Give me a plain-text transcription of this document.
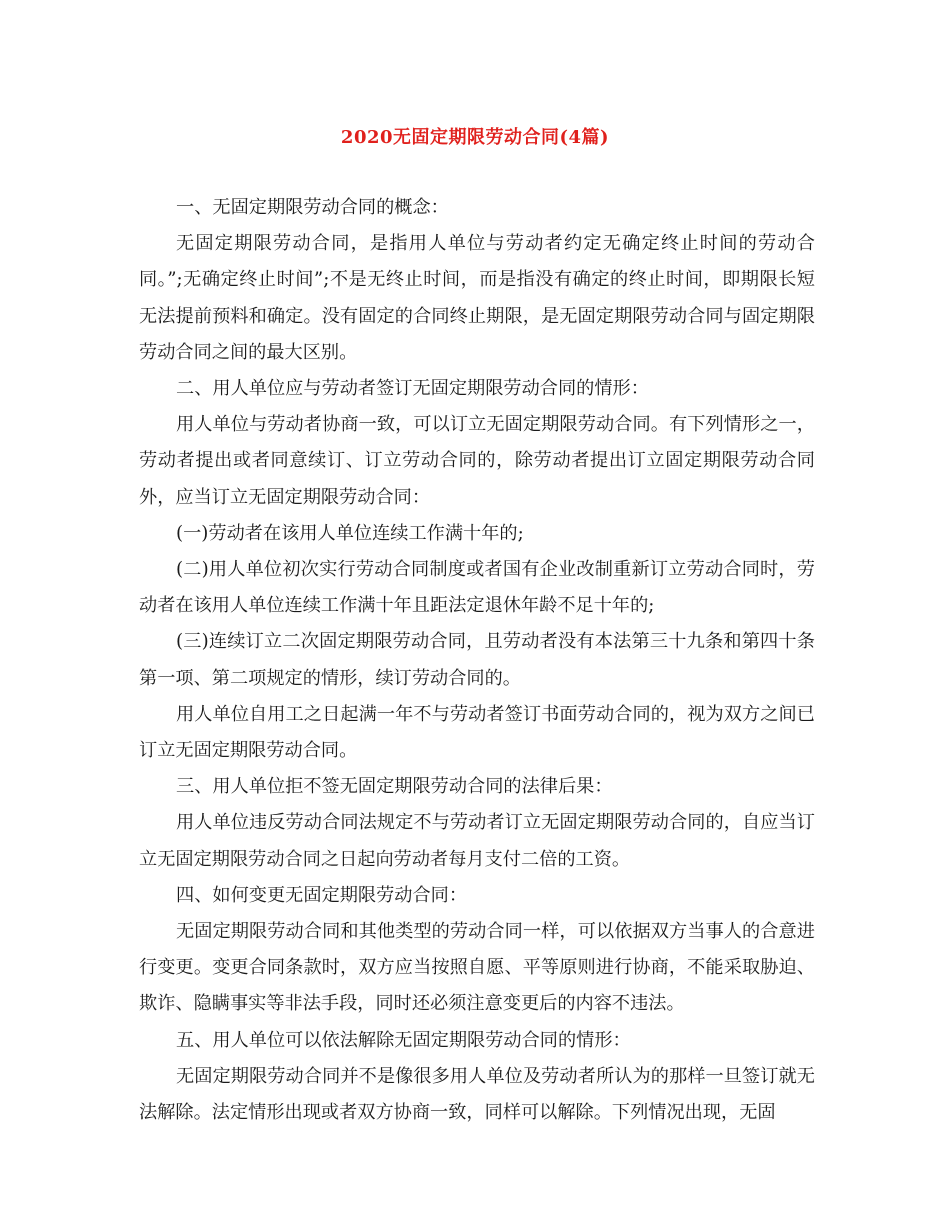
2020无固定期限劳动合同(4篇)

一、无固定期限劳动合同的概念：

无固定期限劳动合同，是指用人单位与劳动者约定无确定终止时间的劳动合同。”;无确定终止时间”;不是无终止时间，而是指没有确定的终止时间，即期限长短无法提前预料和确定。没有固定的合同终止期限，是无固定期限劳动合同与固定期限劳动合同之间的最大区别。

二、用人单位应与劳动者签订无固定期限劳动合同的情形：

用人单位与劳动者协商一致，可以订立无固定期限劳动合同。有下列情形之一，劳动者提出或者同意续订、订立劳动合同的，除劳动者提出订立固定期限劳动合同外，应当订立无固定期限劳动合同：

(一)劳动者在该用人单位连续工作满十年的;

(二)用人单位初次实行劳动合同制度或者国有企业改制重新订立劳动合同时，劳动者在该用人单位连续工作满十年且距法定退休年龄不足十年的;

(三)连续订立二次固定期限劳动合同，且劳动者没有本法第三十九条和第四十条第一项、第二项规定的情形，续订劳动合同的。

用人单位自用工之日起满一年不与劳动者签订书面劳动合同的，视为双方之间已订立无固定期限劳动合同。

三、用人单位拒不签无固定期限劳动合同的法律后果：

用人单位违反劳动合同法规定不与劳动者订立无固定期限劳动合同的，自应当订立无固定期限劳动合同之日起向劳动者每月支付二倍的工资。

四、如何变更无固定期限劳动合同：

无固定期限劳动合同和其他类型的劳动合同一样，可以依据双方当事人的合意进行变更。变更合同条款时，双方应当按照自愿、平等原则进行协商，不能采取胁迫、欺诈、隐瞒事实等非法手段，同时还必须注意变更后的内容不违法。

五、用人单位可以依法解除无固定期限劳动合同的情形：

无固定期限劳动合同并不是像很多用人单位及劳动者所认为的那样一旦签订就无法解除。法定情形出现或者双方协商一致，同样可以解除。下列情况出现，无固
